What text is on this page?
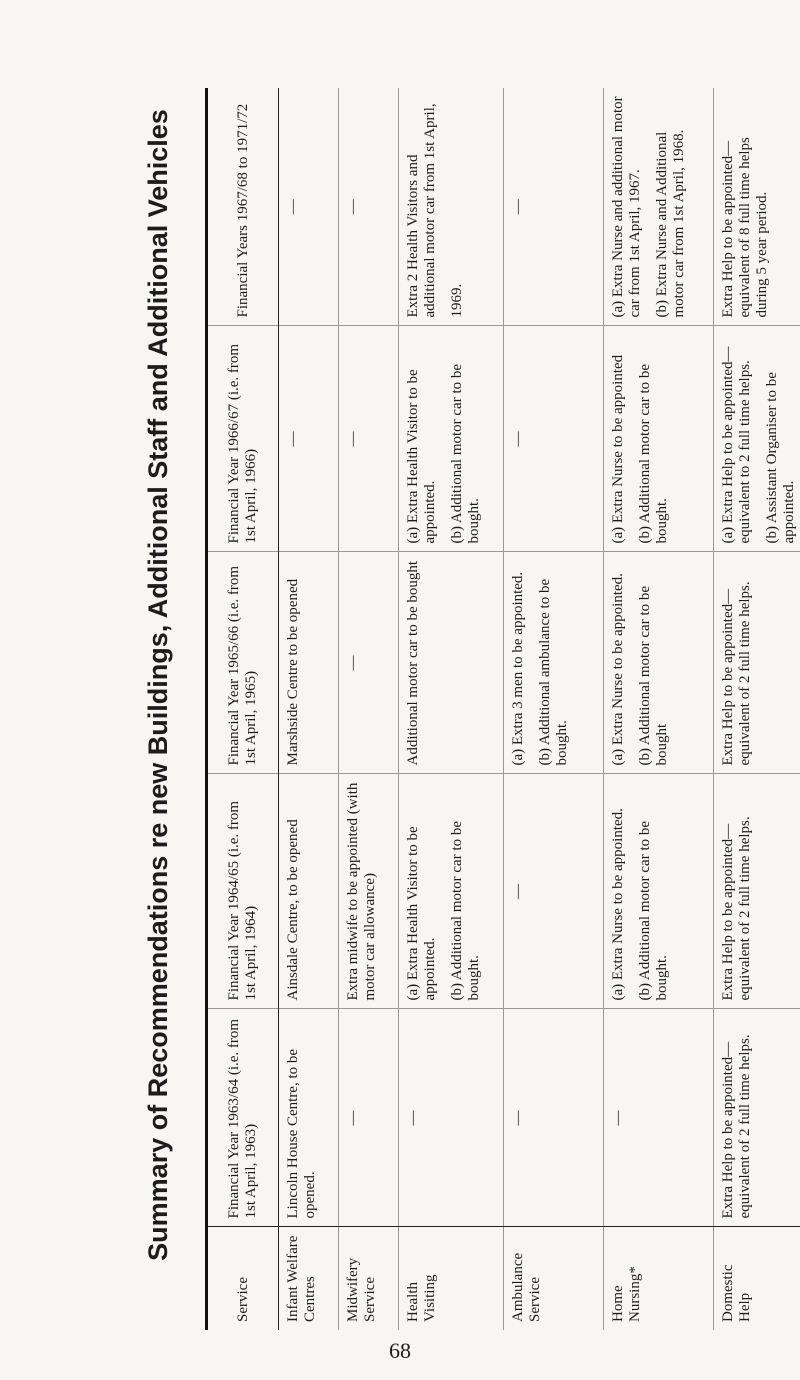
Summary of Recommendations re new Buildings, Additional Staff and Additional Vehicles
Service	Financial Year 1963/64 (i.e. from 1st April, 1963)	Financial Year 1964/65 (i.e. from 1st April, 1964)	Financial Year 1965/66 (i.e. from 1st April, 1965)	Financial Year 1966/67 (i.e. from 1st April, 1966)	Financial Years 1967/68 to 1971/72
Infant Welfare Centres	Lincoln House Centre, to be opened.	Ainsdale Centre, to be opened	Marshside Centre to be opened	—	—

Midwifery Service	—	Extra midwife to be appointed (with motor car allowance)	—	—	—

Health Visiting	—	(a) Extra Health Visitor to be appointed. (b) Additional motor car to be bought.	Additional motor car to be bought	(a) Extra Health Visitor to be appointed. (b) Additional motor car to be bought.	Extra 2 Health Visitors and additional motor car from 1st April, 1969.

Ambulance Service	—	—	(a) Extra 3 men to be appointed. (b) Additional ambulance to be bought.	—	—

Home Nursing*	—	(a) Extra Nurse to be appointed. (b) Additional motor car to be bought.	(a) Extra Nurse to be appointed. (b) Additional motor car to be bought	(a) Extra Nurse to be appointed (b) Additional motor car to be bought.	(a) Extra Nurse and additional motor car from 1st April, 1967. (b) Extra Nurse and Additional motor car from 1st April, 1968.

Domestic Help	Extra Help to be appointed—equivalent of 2 full time helps.	Extra Help to be appointed—equivalent of 2 full time helps.	Extra Help to be appointed—equivalent of 2 full time helps.	(a) Extra Help to be appointed—equivalent to 2 full time helps. (b) Assistant Organiser to be appointed.	Extra Help to be appointed—equivalent of 8 full time helps during 5 year period.
68
